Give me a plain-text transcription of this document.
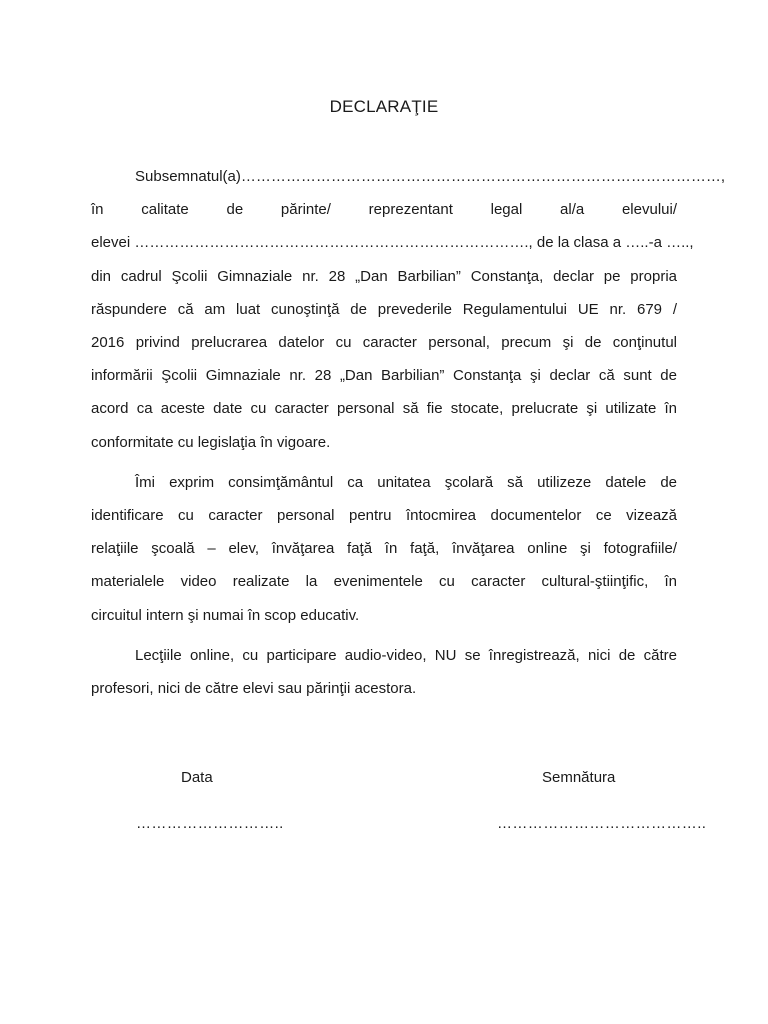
DECLARAŢIE

Subsemnatul(a)……………………………………………………………………………………,
în calitate de părinte/ reprezentant legal al/a elevului/
elevei ……………………………………………………………………., de la clasa a …..-a …..,
din cadrul Şcolii Gimnaziale nr. 28 „Dan Barbilian” Constanţa, declar pe propria
răspundere că am luat cunoştinţă de prevederile Regulamentului UE nr. 679 /
2016 privind prelucrarea datelor cu caracter personal, precum şi de conţinutul
informării Şcolii Gimnaziale nr. 28 „Dan Barbilian” Constanţa şi declar că sunt de
acord ca aceste date cu caracter personal să fie stocate, prelucrate şi utilizate în
conformitate cu legislaţia în vigoare.

Îmi exprim consimţământul ca unitatea şcolară să utilizeze datele de
identificare cu caracter personal pentru întocmirea documentelor ce vizează
relaţiile şcoală – elev, învăţarea faţă în faţă, învăţarea online şi fotografiile/
materialele video realizate la evenimentele cu caracter cultural-ştiinţific, în
circuitul intern şi numai în scop educativ.

Lecţiile online, cu participare audio-video, NU se înregistrează, nici de către
profesori, nici de către elevi sau părinţii acestora.

Data	Semnătura
………………………..	…………………………………..
